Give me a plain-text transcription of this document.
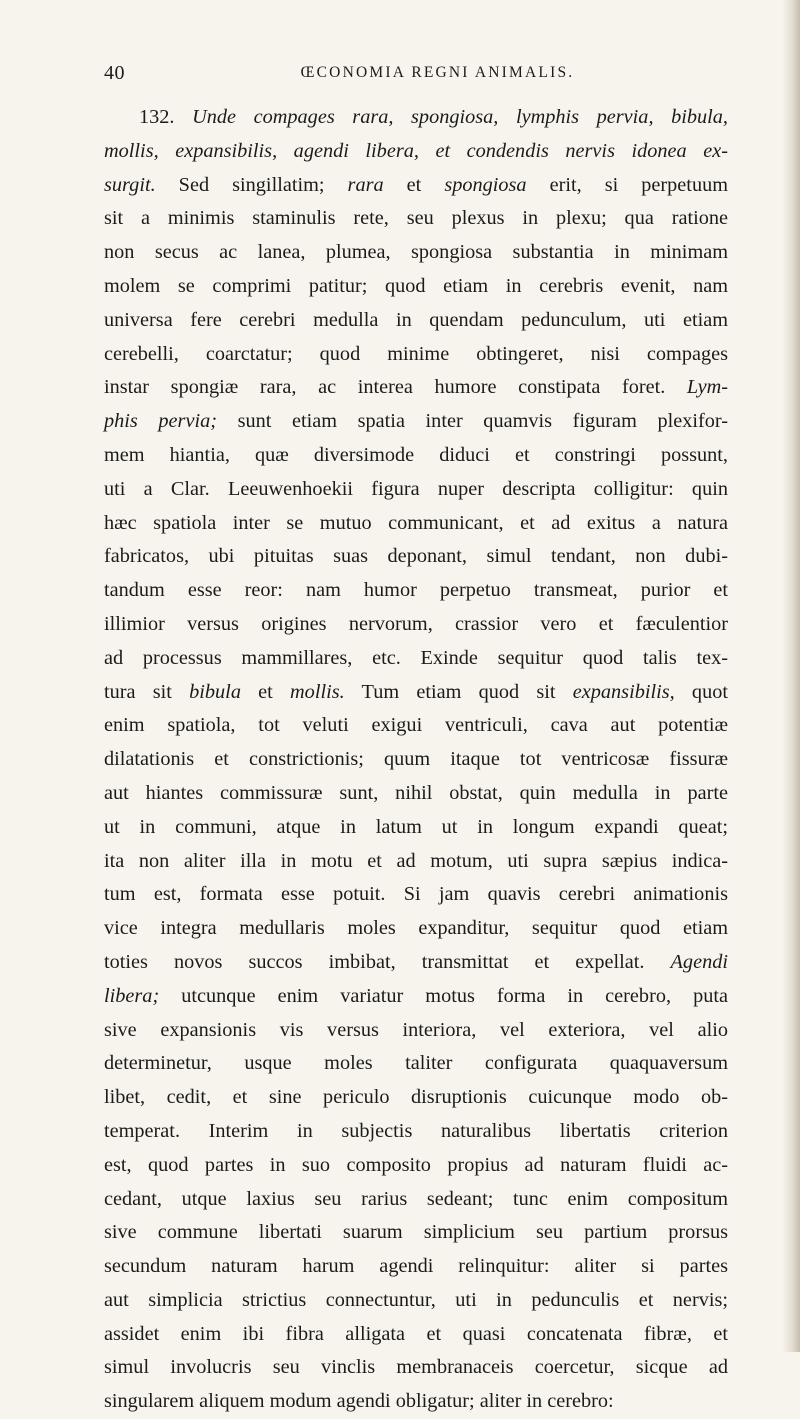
40	ŒCONOMIA REGNI ANIMALIS.
132. Unde compages rara, spongiosa, lymphis pervia, bibula,
mollis, expansibilis, agendi libera, et condendis nervis idonea ex-
surgit. Sed singillatim; rara et spongiosa erit, si perpetuum
sit a minimis staminulis rete, seu plexus in plexu; qua ratione
non secus ac lanea, plumea, spongiosa substantia in minimam
molem se comprimi patitur; quod etiam in cerebris evenit, nam
universa fere cerebri medulla in quendam pedunculum, uti etiam
cerebelli, coarctatur; quod minime obtingeret, nisi compages
instar spongiæ rara, ac interea humore constipata foret. Lym-
phis pervia; sunt etiam spatia inter quamvis figuram plexifor-
mem hiantia, quæ diversimode diduci et constringi possunt,
uti a Clar. Leeuwenhoekii figura nuper descripta colligitur: quin
hæc spatiola inter se mutuo communicant, et ad exitus a natura
fabricatos, ubi pituitas suas deponant, simul tendant, non dubi-
tandum esse reor: nam humor perpetuo transmeat, purior et
illimior versus origines nervorum, crassior vero et fæculentior
ad processus mammillares, etc. Exinde sequitur quod talis tex-
tura sit bibula et mollis. Tum etiam quod sit expansibilis, quot
enim spatiola, tot veluti exigui ventriculi, cava aut potentiæ
dilatationis et constrictionis; quum itaque tot ventricosæ fissuræ
aut hiantes commissuræ sunt, nihil obstat, quin medulla in parte
ut in communi, atque in latum ut in longum expandi queat;
ita non aliter illa in motu et ad motum, uti supra sæpius indica-
tum est, formata esse potuit. Si jam quavis cerebri animationis
vice integra medullaris moles expanditur, sequitur quod etiam
toties novos succos imbibat, transmittat et expellat. Agendi
libera; utcunque enim variatur motus forma in cerebro, puta
sive expansionis vis versus interiora, vel exteriora, vel alio
determinetur, usque moles taliter configurata quaquaversum
libet, cedit, et sine periculo disruptionis cuicunque modo ob-
temperat. Interim in subjectis naturalibus libertatis criterion
est, quod partes in suo composito propius ad naturam fluidi ac-
cedant, utque laxius seu rarius sedeant; tunc enim compositum
sive commune libertati suarum simplicium seu partium prorsus
secundum naturam harum agendi relinquitur: aliter si partes
aut simplicia strictius connectuntur, uti in pedunculis et nervis;
assidet enim ibi fibra alligata et quasi concatenata fibræ, et
simul involucris seu vinclis membranaceis coercetur, sicque ad
singularem aliquem modum agendi obligatur; aliter in cerebro:
